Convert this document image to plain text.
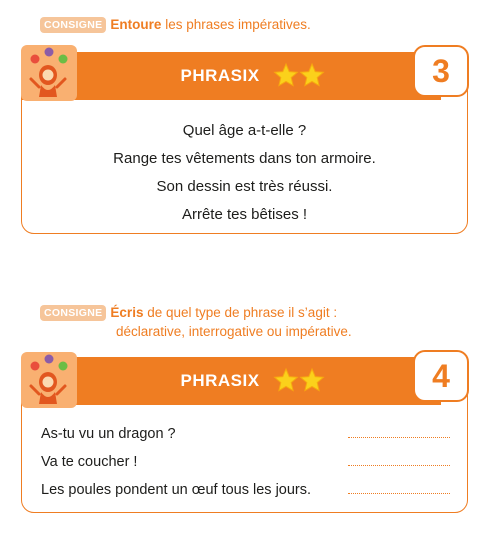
CONSIGNE Entoure les phrases impératives.
PHRASIX	3
Quel âge a-t-elle ?
Range tes vêtements dans ton armoire.
Son dessin est très réussi.
Arrête tes bêtises !
CONSIGNE Écris de quel type de phrase il s’agit :
déclarative, interrogative ou impérative.
PHRASIX	4
As-tu vu un dragon ?
Va te coucher !
Les poules pondent un œuf tous les jours.
